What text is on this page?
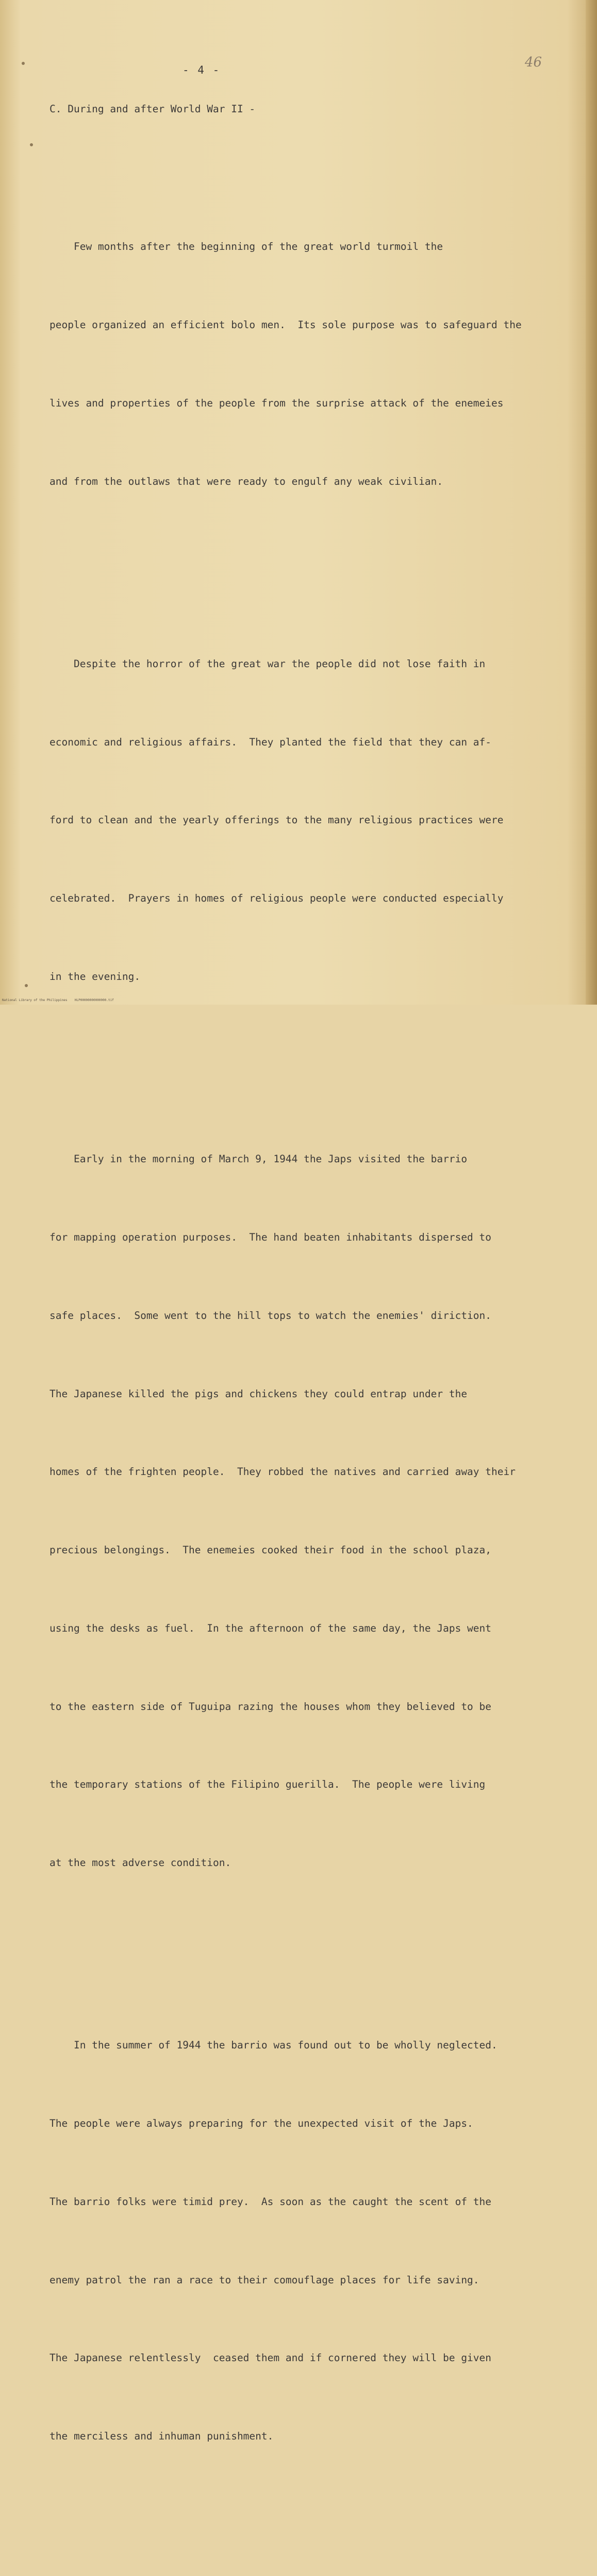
- 4 -	46
C. During and after World War II -

Few months after the beginning of the great world turmoil the

people organized an efficient bolo men.  Its sole purpose was to safeguard the

lives and properties of the people from the surprise attack of the enemeies

and from the outlaws that were ready to engulf any weak civilian.

Despite the horror of the great war the people did not lose faith in

economic and religious affairs.  They planted the field that they can af-

ford to clean and the yearly offerings to the many religious practices were

celebrated.  Prayers in homes of religious people were conducted especially

in the evening.

Early in the morning of March 9, 1944 the Japs visited the barrio

for mapping operation purposes.  The hand beaten inhabitants dispersed to

safe places.  Some went to the hill tops to watch the enemies' diriction.

The Japanese killed the pigs and chickens they could entrap under the

homes of the frighten people.  They robbed the natives and carried away their

precious belongings.  The enemeies cooked their food in the school plaza,

using the desks as fuel.  In the afternoon of the same day, the Japs went

to the eastern side of Tuguipa razing the houses whom they believed to be

the temporary stations of the Filipino guerilla.  The people were living

at the most adverse condition.

In the summer of 1944 the barrio was found out to be wholly neglected.

The people were always preparing for the unexpected visit of the Japs.

The barrio folks were timid prey.  As soon as the caught the scent of the

enemy patrol the ran a race to their comouflage places for life saving.

The Japanese relentlessly  ceased them and if cornered they will be given

the merciless and inhuman punishment.

National Library of the Philippines    HLP00000000000000.tif
